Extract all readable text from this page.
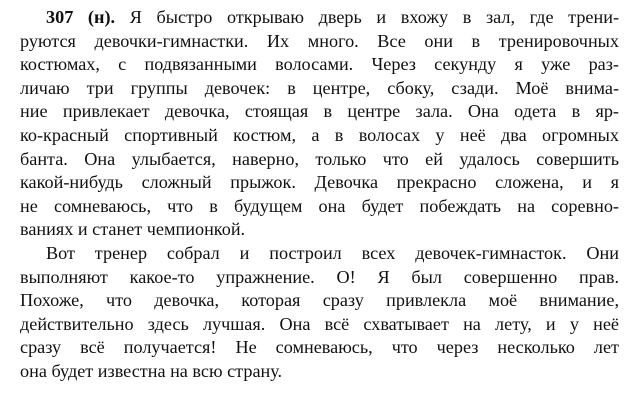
307 (н). Я быстро открываю дверь и вхожу в зал, где трени-
руются девочки-гимнастки. Их много. Все они в тренировочных
костюмах, с подвязанными волосами. Через секунду я уже раз-
личаю три группы девочек: в центре, сбоку, сзади. Моё внима-
ние привлекает девочка, стоящая в центре зала. Она одета в яр-
ко-красный спортивный костюм, а в волосах у неё два огромных
банта. Она улыбается, наверно, только что ей удалось совершить
какой-нибудь сложный прыжок. Девочка прекрасно сложена, и я
не сомневаюсь, что в будущем она будет побеждать на соревно-
ваниях и станет чемпионкой.
Вот тренер собрал и построил всех девочек-гимнасток. Они
выполняют какое-то упражнение. О! Я был совершенно прав.
Похоже, что девочка, которая сразу привлекла моё внимание,
действительно здесь лучшая. Она всё схватывает на лету, и у неё
сразу всё получается! Не сомневаюсь, что через несколько лет
она будет известна на всю страну.
